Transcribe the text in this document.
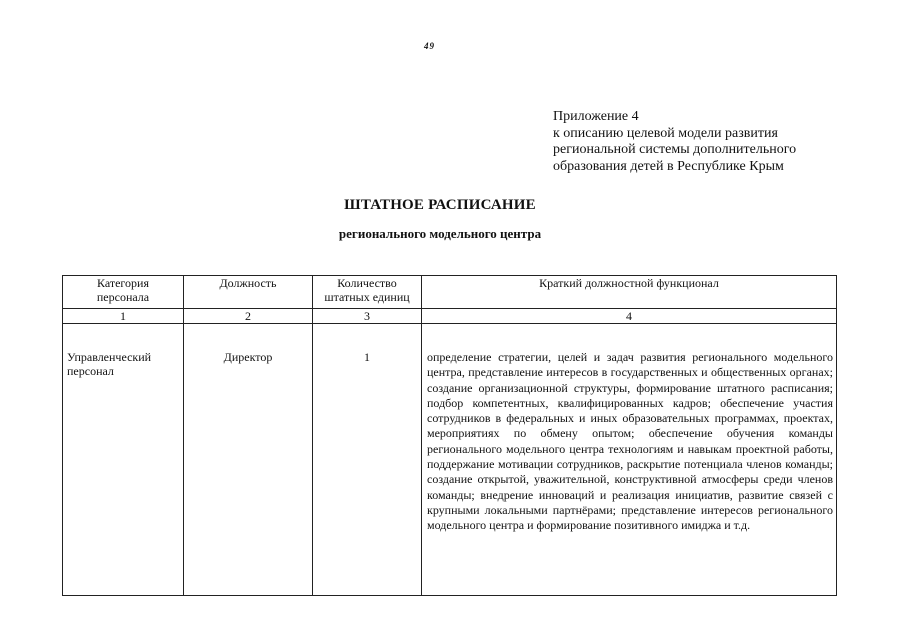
49
Приложение 4
к описанию целевой модели развития
региональной системы дополнительного
образования детей в Республике Крым
ШТАТНОЕ РАСПИСАНИЕ
регионального модельного центра
Категория персонала	Должность	Количество штатных единиц	Краткий должностной функционал
1	2	3	4
Управленческий персонал	Директор	1	определение стратегии, целей и задач развития регионального модельного центра, представление интересов в государственных и общественных органах; создание организационной структуры, формирование штатного расписания; подбор компетентных, квалифицированных кадров; обеспечение участия сотрудников в федеральных и иных образовательных программах, проектах, мероприятиях по обмену опытом; обеспечение обучения команды регионального модельного центра технологиям и навыкам проектной работы, поддержание мотивации сотрудников, раскрытие потенциала членов команды; создание открытой, уважительной, конструктивной атмосферы среди членов команды; внедрение инноваций и реализация инициатив, развитие связей с крупными локальными партнёрами; представление интересов регионального модельного центра и формирование позитивного имиджа и т.д.
